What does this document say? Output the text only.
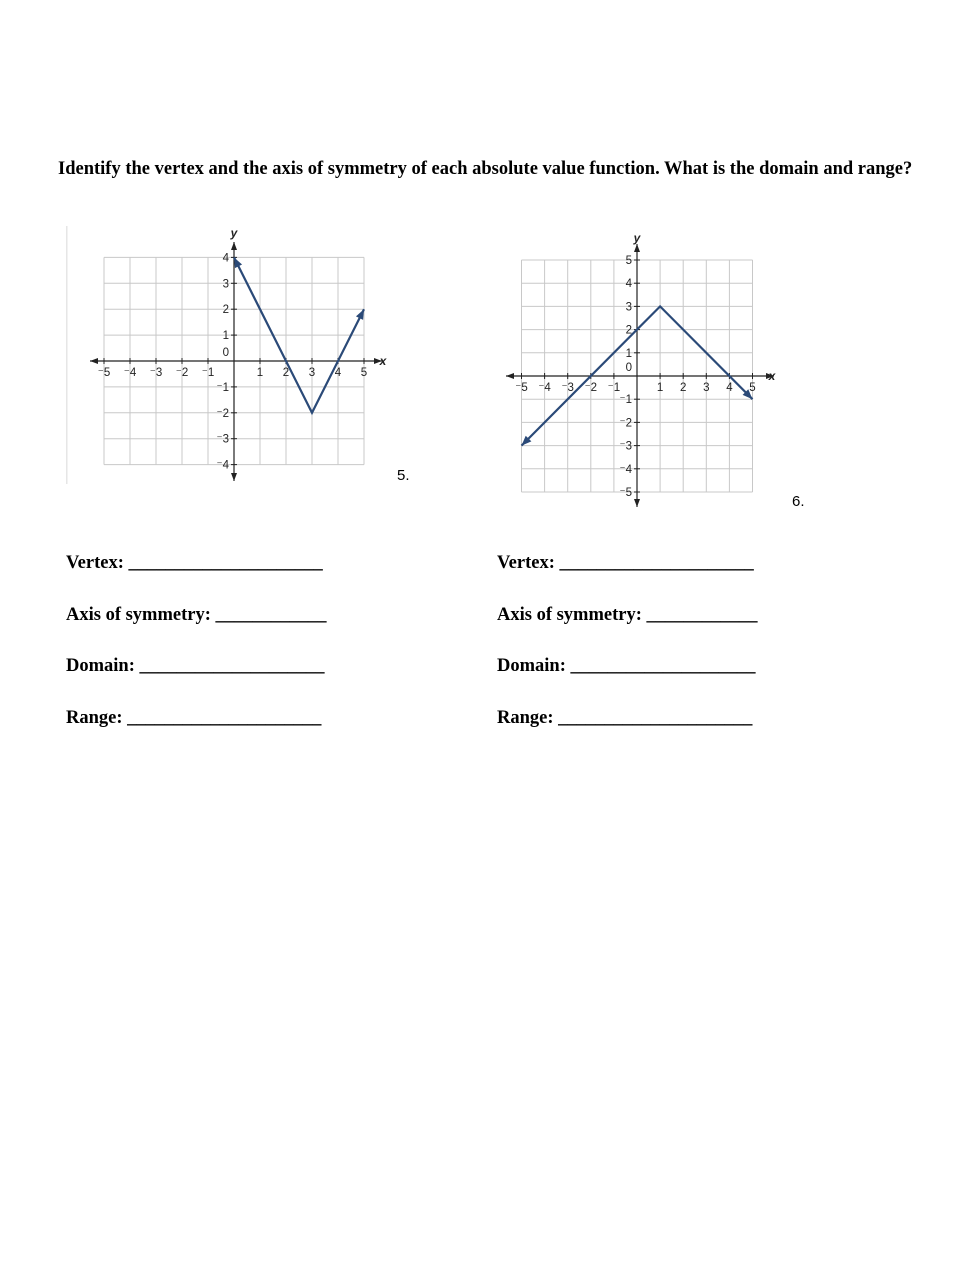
Identify the vertex and the axis of symmetry of each absolute value function. What is the domain and range?
⁻5 ⁻4 ⁻3 ⁻2 ⁻1	1 2 3 4 5
4
3
2
1
⁻1
⁻2
⁻3
⁻4
0
y
x
5.
⁻5 ⁻4 ⁻3 ⁻2 ⁻1	1 2 3 4 5
5
4
3
2
1
⁻1
⁻2
⁻3
⁻4
⁻5
0
y
x
6.
Vertex: _____________________
Axis of symmetry: ____________
Domain: ____________________
Range: _____________________
Vertex: _____________________
Axis of symmetry: ____________
Domain: ____________________
Range: _____________________
